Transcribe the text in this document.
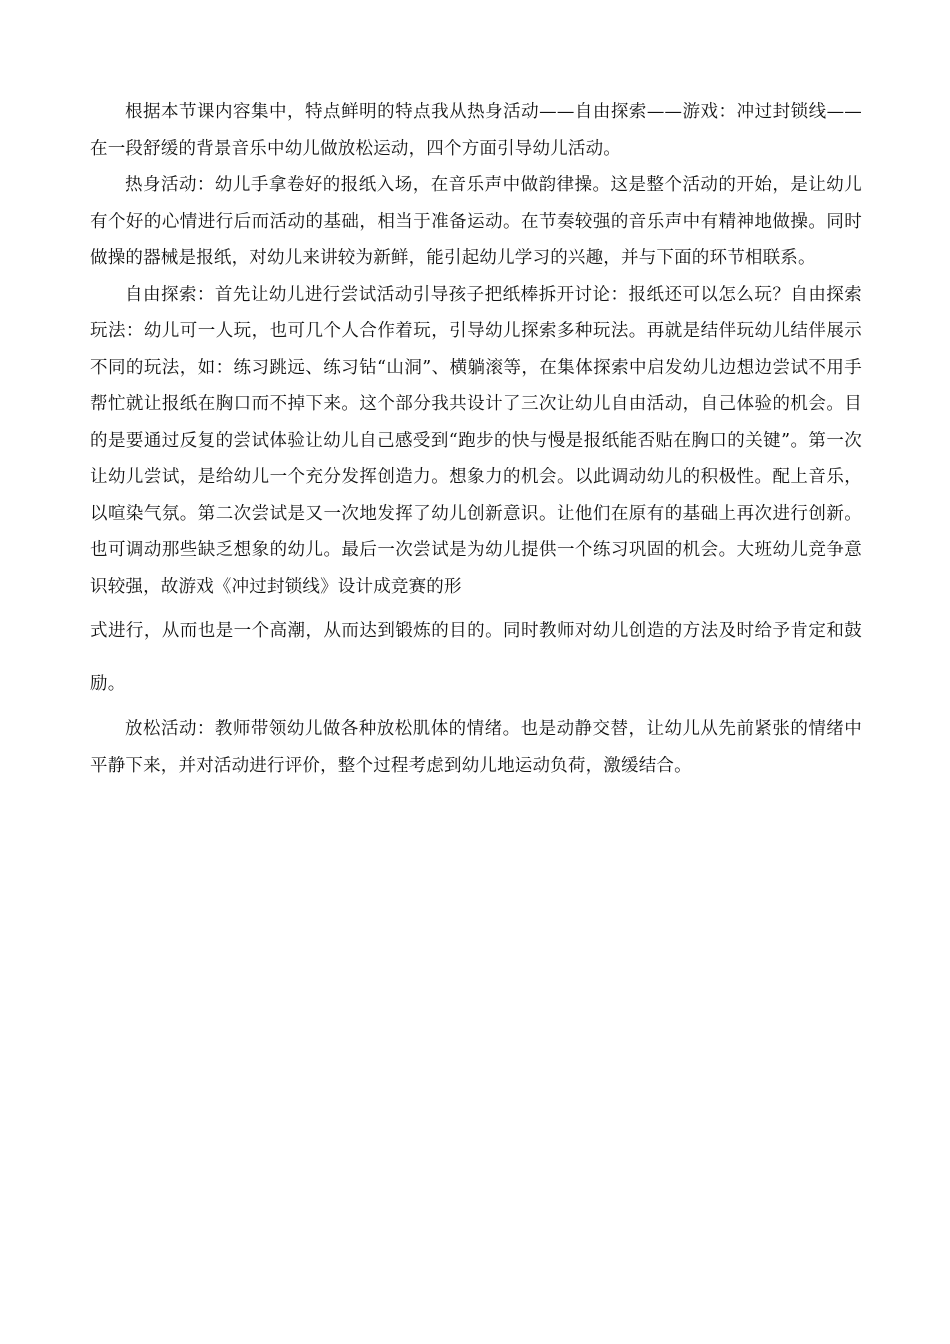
根据本节课内容集中，特点鲜明的特点我从热身活动——自由探索——游戏：冲过封锁线——在一段舒缓的背景音乐中幼儿做放松运动，四个方面引导幼儿活动。

热身活动：幼儿手拿卷好的报纸入场，在音乐声中做韵律操。这是整个活动的开始，是让幼儿有个好的心情进行后而活动的基础，相当于准备运动。在节奏较强的音乐声中有精神地做操。同时做操的器械是报纸，对幼儿来讲较为新鲜，能引起幼儿学习的兴趣，并与下面的环节相联系。

自由探索：首先让幼儿进行尝试活动引导孩子把纸棒拆开讨论：报纸还可以怎么玩？自由探索玩法：幼儿可一人玩，也可几个人合作着玩，引导幼儿探索多种玩法。再就是结伴玩幼儿结伴展示不同的玩法，如：练习跳远、练习钻“山洞”、横躺滚等，在集体探索中启发幼儿边想边尝试不用手帮忙就让报纸在胸口而不掉下来。这个部分我共设计了三次让幼儿自由活动，自己体验的机会。目的是要通过反复的尝试体验让幼儿自己感受到“跑步的快与慢是报纸能否贴在胸口的关键”。第一次让幼儿尝试，是给幼儿一个充分发挥创造力。想象力的机会。以此调动幼儿的积极性。配上音乐，以喧染气氛。第二次尝试是又一次地发挥了幼儿创新意识。让他们在原有的基础上再次进行创新。也可调动那些缺乏想象的幼儿。最后一次尝试是为幼儿提供一个练习巩固的机会。大班幼儿竞争意识较强，故游戏《冲过封锁线》设计成竞赛的形

式进行，从而也是一个高潮，从而达到锻炼的目的。同时教师对幼儿创造的方法及时给予肯定和鼓励。

放松活动：教师带领幼儿做各种放松肌体的情绪。也是动静交替，让幼儿从先前紧张的情绪中平静下来，并对活动进行评价，整个过程考虑到幼儿地运动负荷，激缓结合。
